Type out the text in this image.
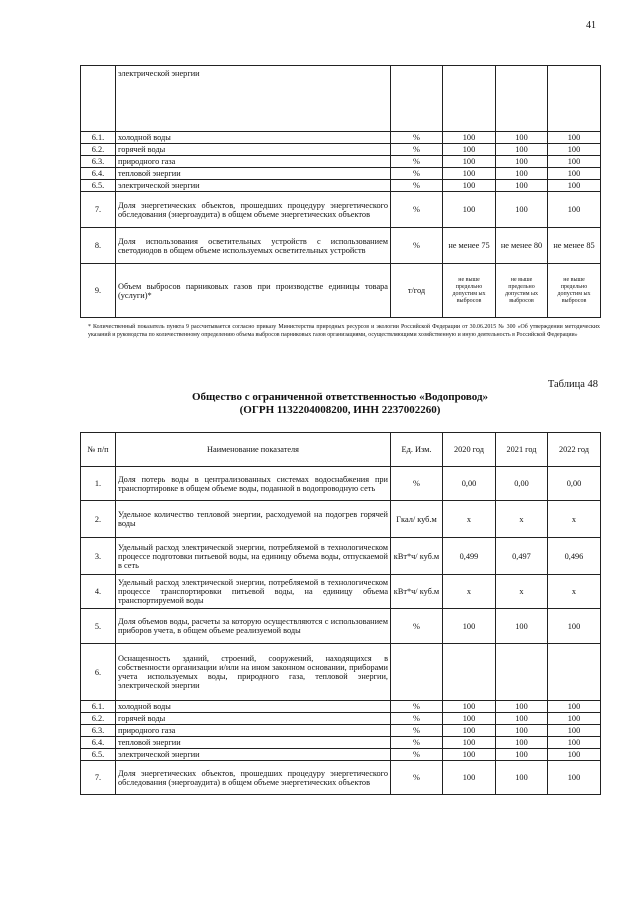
41
	электрической энергии				
6.1.	холодной воды	%	100	100	100
6.2.	горячей воды	%	100	100	100
6.3.	природного газа	%	100	100	100
6.4.	тепловой энергии	%	100	100	100
6.5.	электрической энергии	%	100	100	100
7.	Доля энергетических объектов, прошедших процедуру энергетического обследования (энергоаудита) в общем объеме энергетических объектов	%	100	100	100
8.	Доля использования осветительных устройств с использованием светодиодов в общем объеме используемых осветительных устройств	%	не менее 75	не менее 80	не менее 85
9.	Объем выбросов парниковых газов при производстве единицы товара (услуги)*	т/год	не выше предельно допустим ых выбросов	не выше предельно допустим ых выбросов	не выше предельно допустим ых выбросов
* Количественный показатель пункта 9 рассчитывается согласно приказу Министерства природных ресурсов и экологии Российской Федерации от 30.06.2015 № 300 «Об утверждении методических указаний и руководства по количественному определению объема выбросов парниковых газов организациями, осуществляющими хозяйственную и иную деятельность в Российской Федерации»
Таблица 48
Общество с ограниченной ответственностью «Водопровод»
(ОГРН 1132204008200, ИНН 2237002260)
№ п/п	Наименование показателя	Ед. Изм.	2020 год	2021 год	2022 год
1.	Доля потерь воды в централизованных системах водоснабжения при транспортировке в общем объеме воды, поданной в водопроводную сеть	%	0,00	0,00	0,00
2.	Удельное количество тепловой энергии, расходуемой на подогрев горячей воды	Гкал/ куб.м	x	x	x
3.	Удельный расход электрической энергии, потребляемой в технологическом процессе подготовки питьевой воды, на единицу объема воды, отпускаемой в сеть	кВт*ч/ куб.м	0,499	0,497	0,496
4.	Удельный расход электрической энергии, потребляемой в технологическом процессе транспортировки питьевой воды, на единицу объема транспортируемой воды	кВт*ч/ куб.м	x	x	x
5.	Доля объемов воды, расчеты за которую осуществляются с использованием приборов учета, в общем объеме реализуемой воды	%	100	100	100
6.	Оснащенность зданий, строений, сооружений, находящихся в собственности организации и/или на ином законном основании, приборами учета используемых воды, природного газа, тепловой энергии, электрической энергии				
6.1.	холодной воды	%	100	100	100
6.2.	горячей воды	%	100	100	100
6.3.	природного газа	%	100	100	100
6.4.	тепловой энергии	%	100	100	100
6.5.	электрической энергии	%	100	100	100
7.	Доля энергетических объектов, прошедших процедуру энергетического обследования (энергоаудита) в общем объеме энергетических объектов	%	100	100	100
